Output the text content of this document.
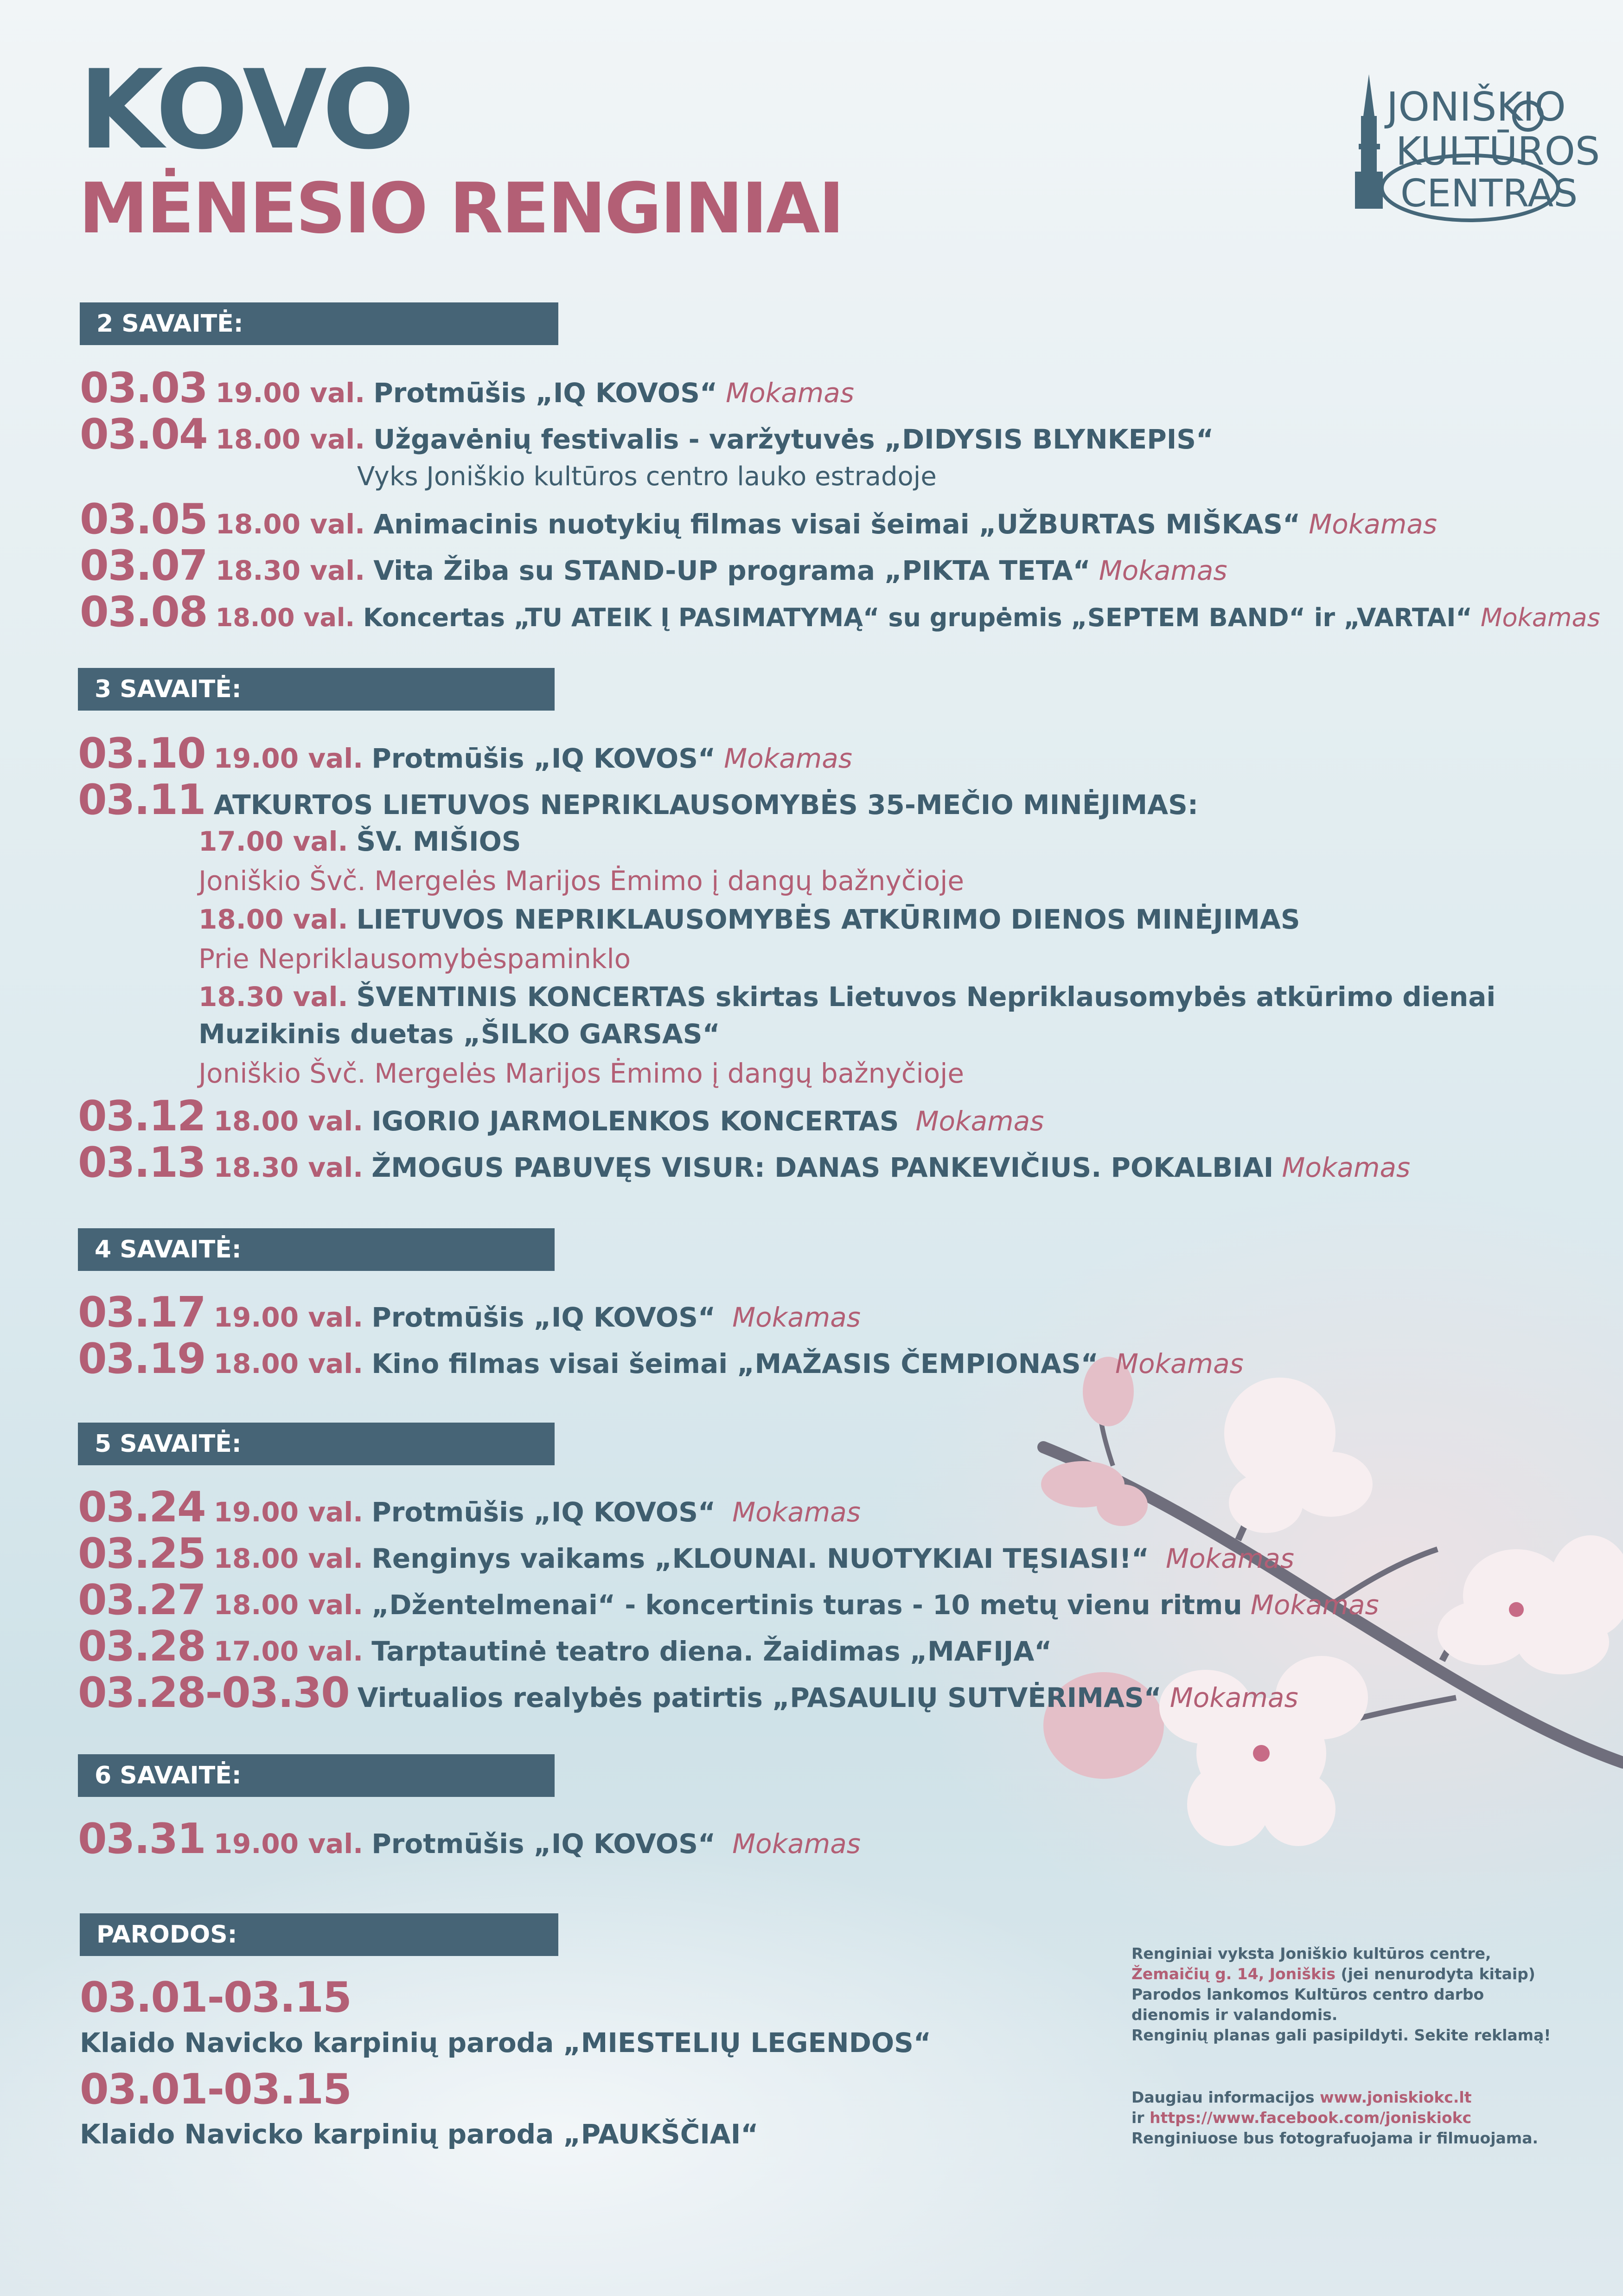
KOVO
MĖNESIO RENGINIAI
JONIŠKIO
KULTŪROS
CENTRAS
2 SAVAITĖ:
03.03 19.00 val. Protmūšis „IQ KOVOS“ Mokamas
03.04 18.00 val. Užgavėnių festivalis - varžytuvės „DIDYSIS BLYNKEPIS“
Vyks Joniškio kultūros centro lauko estradoje
03.05 18.00 val. Animacinis nuotykių filmas visai šeimai „UŽBURTAS MIŠKAS“ Mokamas
03.07 18.30 val. Vita Žiba su STAND-UP programa „PIKTA TETA“ Mokamas
03.08 18.00 val. Koncertas „TU ATEIK Į PASIMATYMĄ“ su grupėmis „SEPTEM BAND“ ir „VARTAI“ Mokamas
3 SAVAITĖ:
03.10 19.00 val. Protmūšis „IQ KOVOS“ Mokamas
03.11 ATKURTOS LIETUVOS NEPRIKLAUSOMYBĖS 35-MEČIO MINĖJIMAS:
17.00 val. ŠV. MIŠIOS
Joniškio Švč. Mergelės Marijos Ėmimo į dangų bažnyčioje
18.00 val. LIETUVOS NEPRIKLAUSOMYBĖS ATKŪRIMO DIENOS MINĖJIMAS
Prie Nepriklausomybėspaminklo
18.30 val. ŠVENTINIS KONCERTAS skirtas Lietuvos Nepriklausomybės atkūrimo dienai
Muzikinis duetas „ŠILKO GARSAS“
Joniškio Švč. Mergelės Marijos Ėmimo į dangų bažnyčioje
03.12 18.00 val. IGORIO JARMOLENKOS KONCERTAS Mokamas
03.13 18.30 val. ŽMOGUS PABUVĘS VISUR: DANAS PANKEVIČIUS. POKALBIAI Mokamas
4 SAVAITĖ:
03.17 19.00 val. Protmūšis „IQ KOVOS“ Mokamas
03.19 18.00 val. Kino filmas visai šeimai „MAŽASIS ČEMPIONAS“ Mokamas
5 SAVAITĖ:
03.24 19.00 val. Protmūšis „IQ KOVOS“ Mokamas
03.25 18.00 val. Renginys vaikams „KLOUNAI. NUOTYKIAI TĘSIASI!“ Mokamas
03.27 18.00 val. „Džentelmenai“ - koncertinis turas - 10 metų vienu ritmu Mokamas
03.28 17.00 val. Tarptautinė teatro diena. Žaidimas „MAFIJA“
03.28-03.30 Virtualios realybės patirtis „PASAULIŲ SUTVĖRIMAS“ Mokamas
6 SAVAITĖ:
03.31 19.00 val. Protmūšis „IQ KOVOS“ Mokamas
PARODOS:
03.01-03.15
Klaido Navicko karpinių paroda „MIESTELIŲ LEGENDOS“
03.01-03.15
Klaido Navicko karpinių paroda „PAUKŠČIAI“
Renginiai vyksta Joniškio kultūros centre,
Žemaičių g. 14, Joniškis (jei nenurodyta kitaip)
Parodos lankomos Kultūros centro darbo
dienomis ir valandomis.
Renginių planas gali pasipildyti. Sekite reklamą!
Daugiau informacijos www.joniskiokc.lt
ir https://www.facebook.com/joniskiokc
Renginiuose bus fotografuojama ir filmuojama.
